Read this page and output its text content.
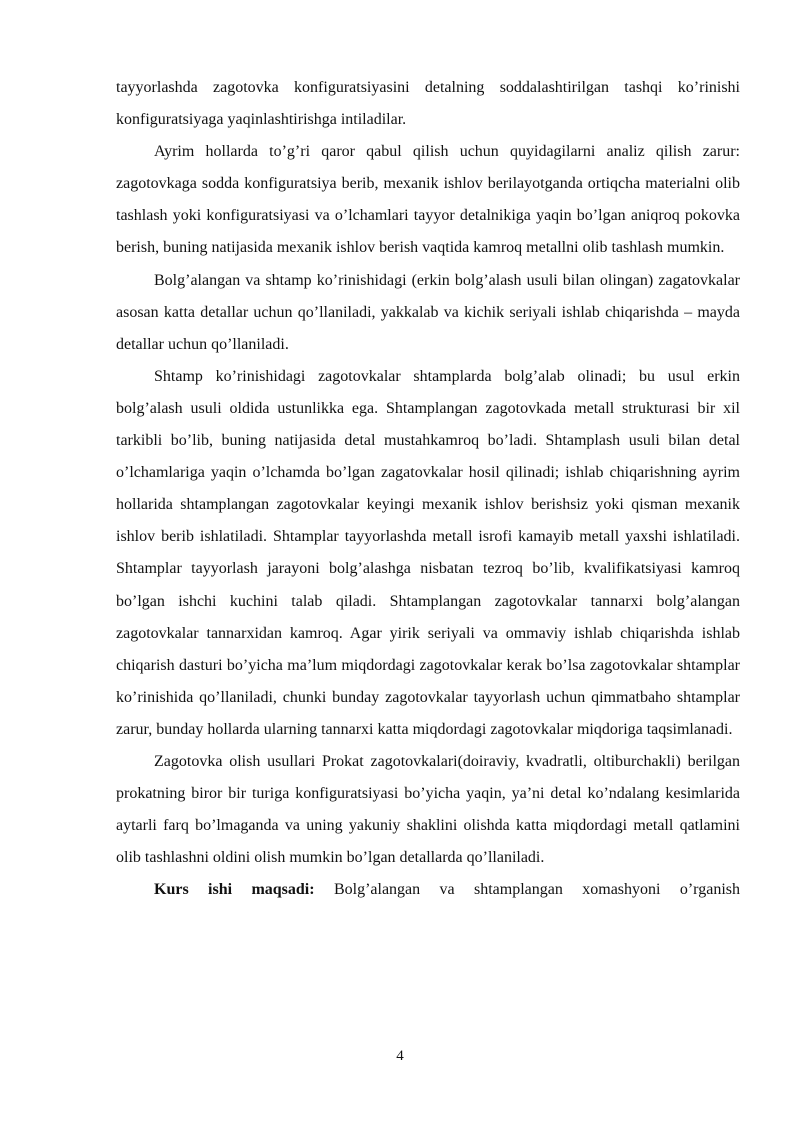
tayyorlashda zagotovka konfiguratsiyasini detalning soddalashtirilgan tashqi ko’rinishi konfiguratsiyaga yaqinlashtirishga intiladilar.

Ayrim hollarda to’g’ri qaror qabul qilish uchun quyidagilarni analiz qilish zarur: zagotovkaga sodda konfiguratsiya berib, mexanik ishlov berilayotganda ortiqcha materialni olib tashlash yoki konfiguratsiyasi va o’lchamlari tayyor detalnikiga yaqin bo’lgan aniqroq pokovka berish, buning natijasida mexanik ishlov berish vaqtida kamroq metallni olib tashlash mumkin.

Bolg’alangan va shtamp ko’rinishidagi (erkin bolg’alash usuli bilan olingan) zagatovkalar asosan katta detallar uchun qo’llaniladi, yakkalab va kichik seriyali ishlab chiqarishda – mayda detallar uchun qo’llaniladi.

Shtamp ko’rinishidagi zagotovkalar shtamplarda bolg’alab olinadi; bu usul erkin bolg’alash usuli oldida ustunlikka ega. Shtamplangan zagotovkada metall strukturasi bir xil tarkibli bo’lib, buning natijasida detal mustahkamroq bo’ladi. Shtamplash usuli bilan detal o’lchamlariga yaqin o’lchamda bo’lgan zagatovkalar hosil qilinadi; ishlab chiqarishning ayrim hollarida shtamplangan zagotovkalar keyingi mexanik ishlov berishsiz yoki qisman mexanik ishlov berib ishlatiladi. Shtamplar tayyorlashda metall isrofi kamayib metall yaxshi ishlatiladi. Shtamplar tayyorlash jarayoni bolg’alashga nisbatan tezroq bo’lib, kvalifikatsiyasi kamroq bo’lgan ishchi kuchini talab qiladi. Shtamplangan zagotovkalar tannarxi bolg’alangan zagotovkalar tannarxidan kamroq. Agar yirik seriyali va ommaviy ishlab chiqarishda ishlab chiqarish dasturi bo’yicha ma’lum miqdordagi zagotovkalar kerak bo’lsa zagotovkalar shtamplar ko’rinishida qo’llaniladi, chunki bunday zagotovkalar tayyorlash uchun qimmatbaho shtamplar zarur, bunday hollarda ularning tannarxi katta miqdordagi zagotovkalar miqdoriga taqsimlanadi.

Zagotovka olish usullari Prokat zagotovkalari(doiraviy, kvadratli, oltiburchakli) berilgan prokatning biror bir turiga konfiguratsiyasi bo’yicha yaqin, ya’ni detal ko’ndalang kesimlarida aytarli farq bo’lmaganda va uning yakuniy shaklini olishda katta miqdordagi metall qatlamini olib tashlashni oldini olish mumkin bo’lgan detallarda qo’llaniladi.

Kurs ishi maqsadi: Bolg’alangan va shtamplangan xomashyoni o’rganish

4
